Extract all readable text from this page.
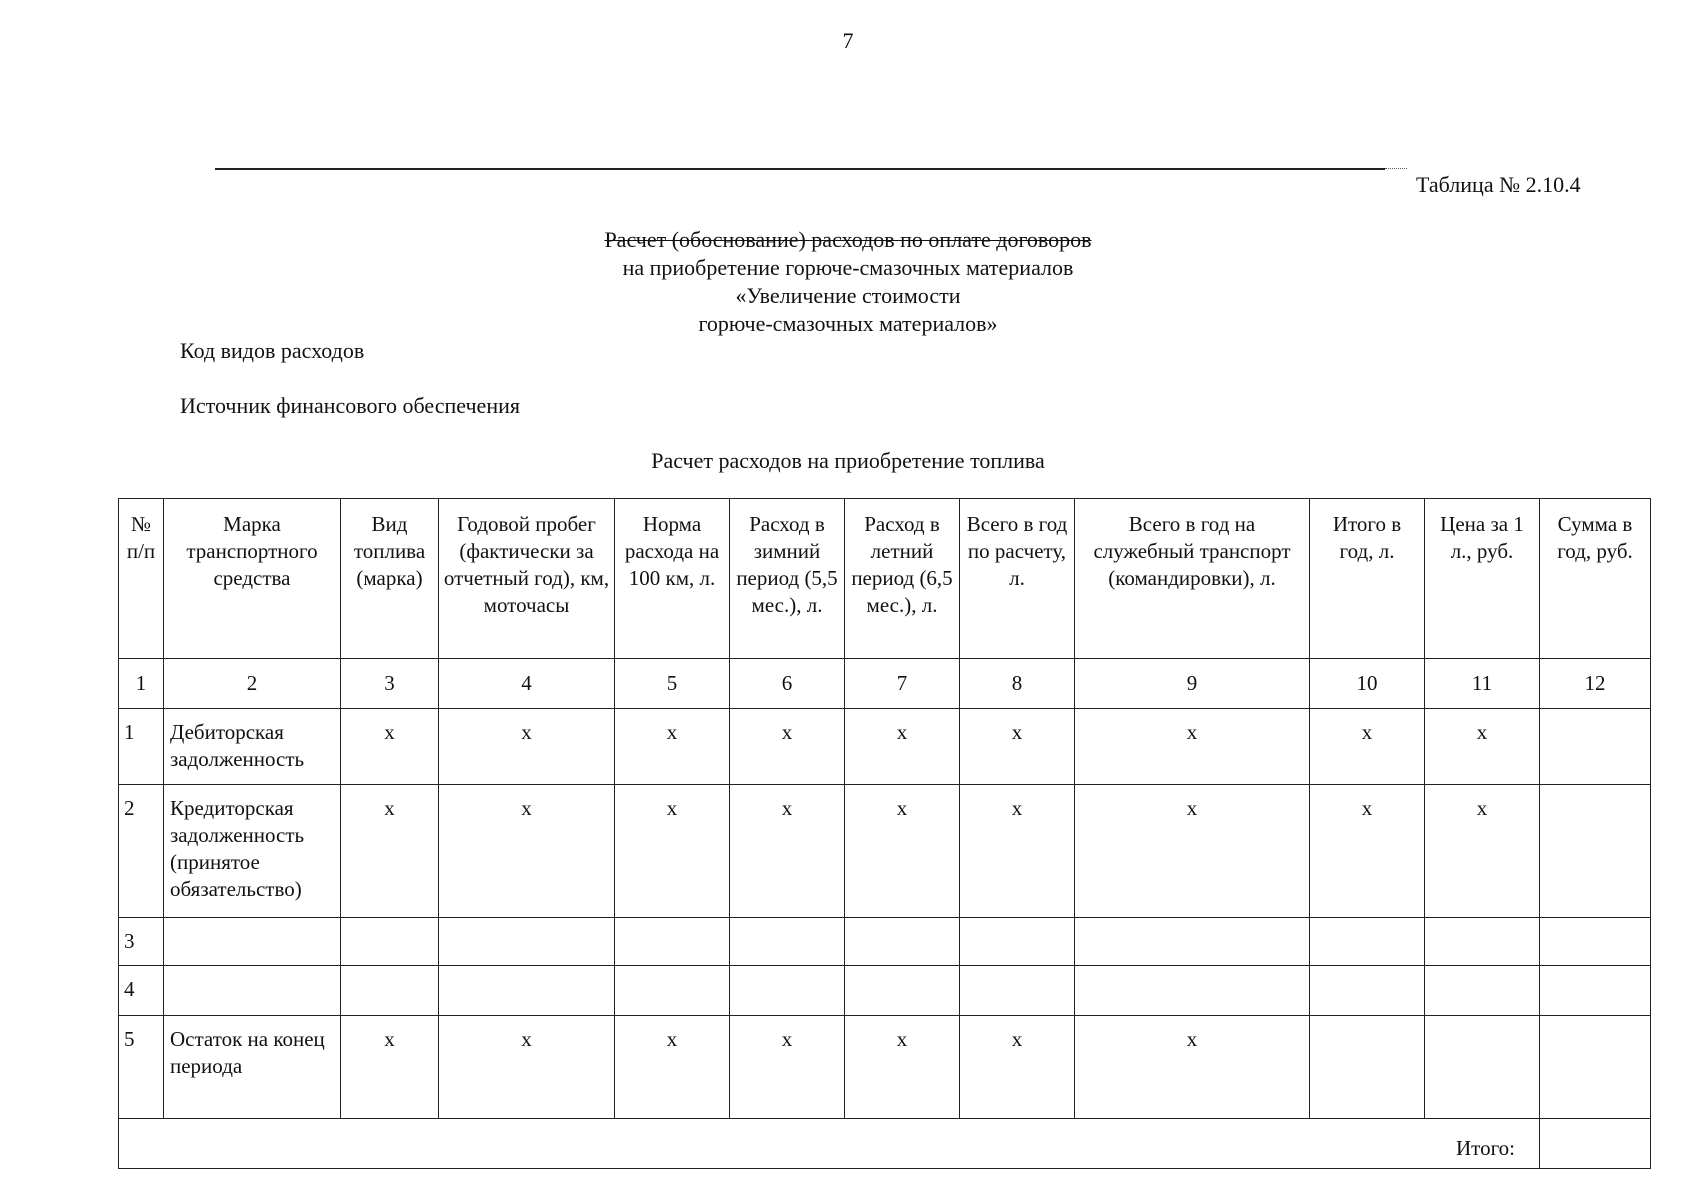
7
Таблица № 2.10.4
Расчет (обоснование) расходов по оплате договоров
на приобретение горюче-смазочных материалов
«Увеличение стоимости
горюче-смазочных материалов»
Код видов расходов
Источник финансового обеспечения
Расчет расходов на приобретение топлива
№ п/п	Марка транспортного средства	Вид топлива (марка)	Годовой пробег (фактически за отчетный год), км, моточасы	Норма расхода на 100 км, л.	Расход в зимний период (5,5 мес.), л.	Расход в летний период (6,5 мес.), л.	Всего в год по расчету, л.	Всего в год на служебный транспорт (командировки), л.	Итого в год, л.	Цена за 1 л., руб.	Сумма в год, руб.
1	2	3	4	5	6	7	8	9	10	11	12
1	Дебиторская задолженность	х	х	х	х	х	х	х	х	х	
2	Кредиторская задолженность (принятое обязательство)	х	х	х	х	х	х	х	х	х	
3											
4											
5	Остаток на конец периода	х	х	х	х	х	х	х			
Итого:											
